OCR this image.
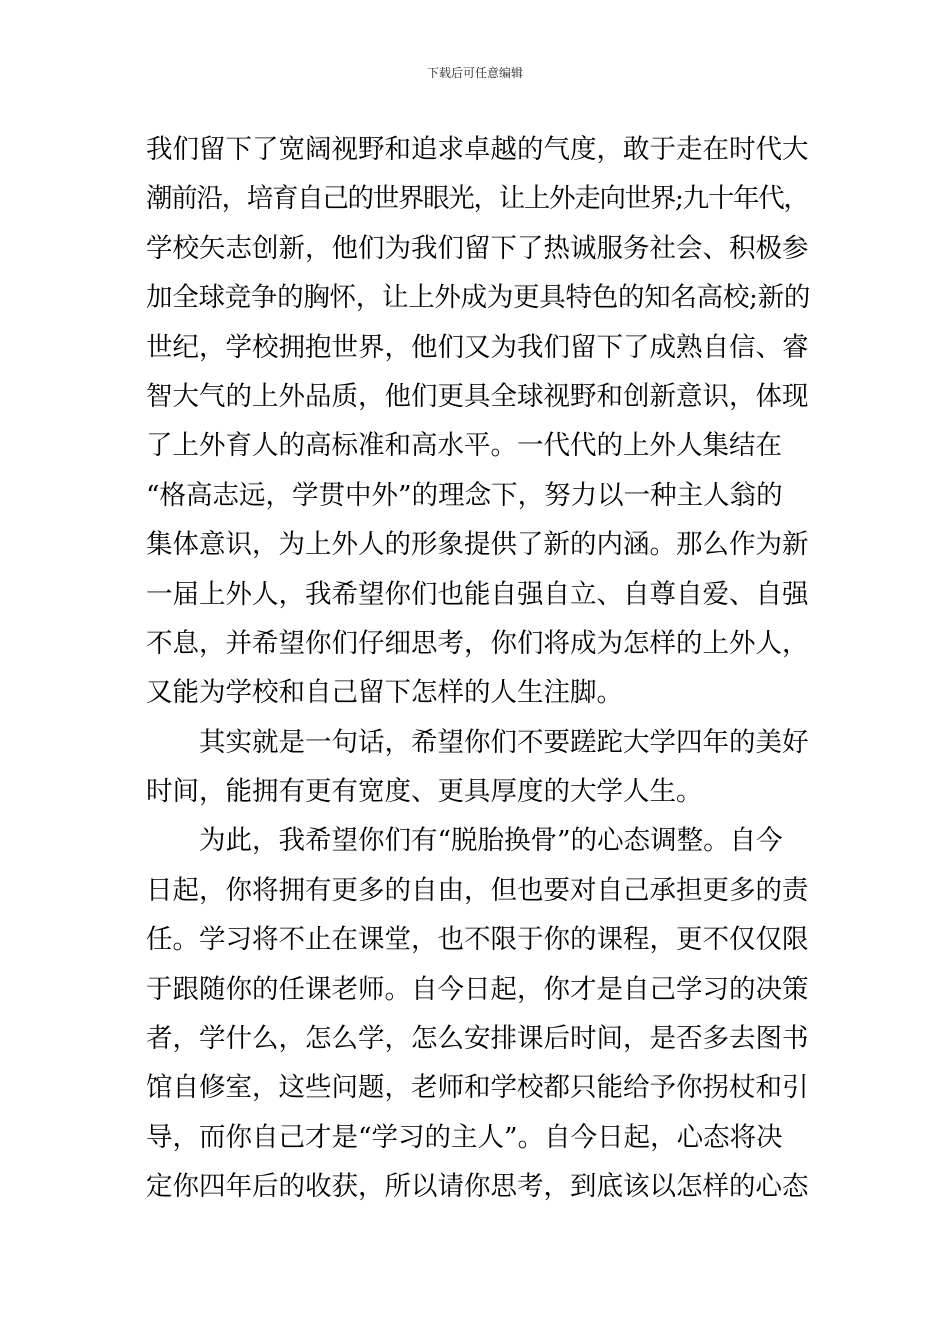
下载后可任意编辑
我们留下了宽阔视野和追求卓越的气度，敢于走在时代大
潮前沿，培育自己的世界眼光，让上外走向世界;九十年代，
学校矢志创新，他们为我们留下了热诚服务社会、积极参
加全球竞争的胸怀，让上外成为更具特色的知名高校;新的
世纪，学校拥抱世界，他们又为我们留下了成熟自信、睿
智大气的上外品质，他们更具全球视野和创新意识，体现
了上外育人的高标准和高水平。一代代的上外人集结在
“格高志远，学贯中外”的理念下，努力以一种主人翁的
集体意识，为上外人的形象提供了新的内涵。那么作为新
一届上外人，我希望你们也能自强自立、自尊自爱、自强
不息，并希望你们仔细思考，你们将成为怎样的上外人，
又能为学校和自己留下怎样的人生注脚。
其实就是一句话，希望你们不要蹉跎大学四年的美好
时间，能拥有更有宽度、更具厚度的大学人生。
为此，我希望你们有“脱胎换骨”的心态调整。自今
日起，你将拥有更多的自由，但也要对自己承担更多的责
任。学习将不止在课堂，也不限于你的课程，更不仅仅限
于跟随你的任课老师。自今日起，你才是自己学习的决策
者，学什么，怎么学，怎么安排课后时间，是否多去图书
馆自修室，这些问题，老师和学校都只能给予你拐杖和引
导，而你自己才是“学习的主人”。自今日起，心态将决
定你四年后的收获，所以请你思考，到底该以怎样的心态
